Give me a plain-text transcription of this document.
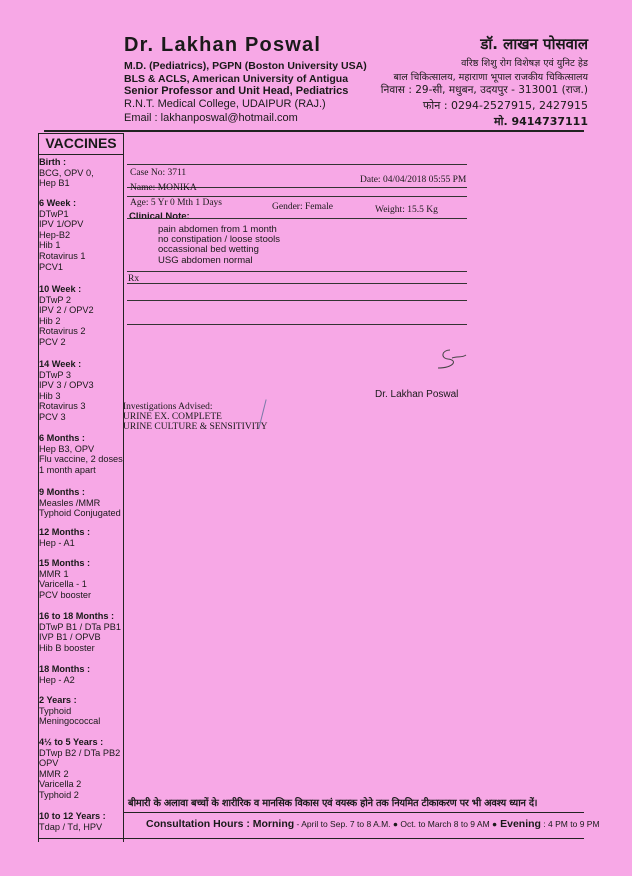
Dr. Lakhan Poswal
M.D. (Pediatrics), PGPN (Boston University USA)
BLS & ACLS, American University of Antigua
Senior Professor and Unit Head, Pediatrics
R.N.T. Medical College, UDAIPUR (RAJ.)
Email : lakhanposwal@hotmail.com
डॉ. लाखन पोसवाल
वरिष्ठ शिशु रोग विशेषज्ञ एवं युनिट हेड
बाल चिकित्सालय, महाराणा भूपाल राजकीय चिकित्सालय
निवास : 29-सी, मधुबन, उदयपुर - 313001 (राज.)
फोन : 0294-2527915, 2427915
मो. 9414737111
VACCINES
Birth :
BCG, OPV 0,
Hep B1
6 Week :
DTwP1
IPV 1/OPV
Hep-B2
Hib 1
Rotavirus 1
PCV1
10 Week :
DTwP 2
IPV 2 / OPV2
Hib 2
Rotavirus 2
PCV 2
14 Week :
DTwP 3
IPV 3 / OPV3
Hib 3
Rotavirus 3
PCV 3
6 Months :
Hep B3, OPV
Flu vaccine, 2 doses
1 month apart
9 Months :
Measles /MMR
Typhoid Conjugated
12 Months :
Hep - A1
15 Months :
MMR 1
Varicella - 1
PCV booster
16 to 18 Months :
DTwP B1 / DTa PB1
IVP B1 / OPVB
Hib B booster
18 Months :
Hep - A2
2 Years :
Typhoid
Meningococcal
4½ to 5 Years :
DTwp B2 / DTa PB2
OPV
MMR 2
Varicella 2
Typhoid 2
10 to 12 Years :
Tdap / Td, HPV
Case No: 3711
Date: 04/04/2018 05:55 PM
Name: MONIKA
Age: 5 Yr 0 Mth 1 Days	Gender: Female	Weight: 15.5 Kg
Clinical Note:
pain abdomen from 1 month
no constipation / loose stools
occassional bed wetting
USG abdomen normal
Rx
Dr. Lakhan Poswal
Investigations Advised:
URINE EX. COMPLETE
URINE CULTURE & SENSITIVITY
बीमारी के अलावा बच्चों के शारीरिक व मानसिक विकास एवं वयस्क होने तक नियमित टीकाकरण पर भी अवश्य ध्यान दें।
Consultation Hours : Morning - April to Sep. 7 to 8 A.M. ● Oct. to March 8 to 9 AM ● Evening : 4 PM to 9 PM
